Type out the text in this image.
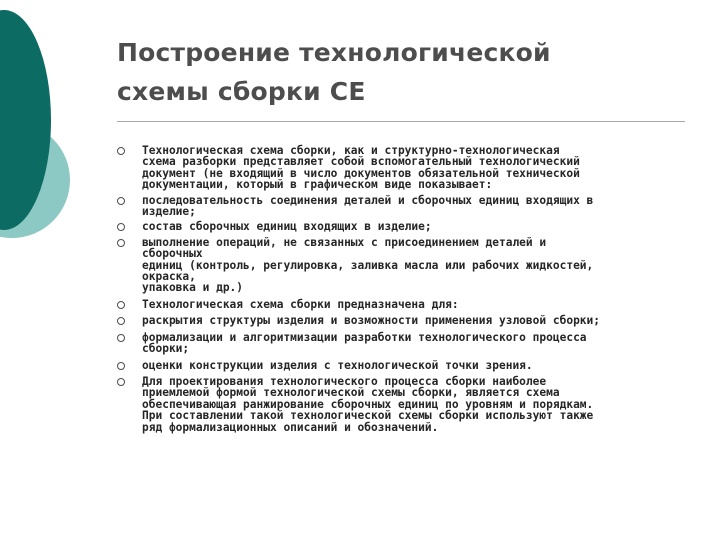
Построение технологической
схемы сборки СЕ
Технологическая схема сборки, как и структурно-технологическая
схема разборки представляет собой вспомогательный технологический
документ (не входящий в число документов обязательной технической
документации, который в графическом виде показывает:
последовательность соединения деталей и сборочных единиц входящих в
изделие;
состав сборочных единиц входящих в изделие;
выполнение операций, не связанных с присоединением деталей и
сборочных
единиц (контроль, регулировка, заливка масла или рабочих жидкостей,
окраска,
упаковка и др.)
Технологическая схема сборки предназначена для:
раскрытия структуры изделия и возможности применения узловой сборки;
формализации и алгоритмизации разработки технологического процесса
сборки;
оценки конструкции изделия с технологической точки зрения.
Для проектирования технологического процесса сборки наиболее
приемлемой формой технологической схемы сборки, является схема
обеспечивающая ранжирование сборочных единиц по уровням и порядкам.
При составлении такой технологической схемы сборки используют также
ряд формализационных описаний и обозначений.
